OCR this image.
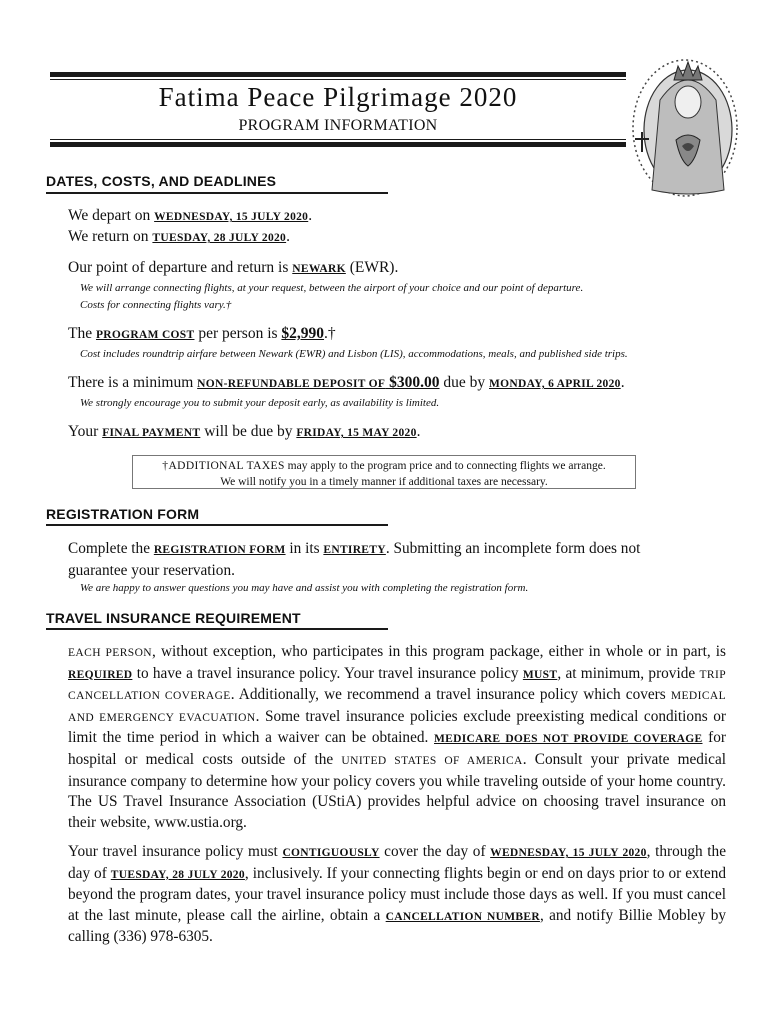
Fatima Peace Pilgrimage 2020
PROGRAM INFORMATION
DATES, COSTS, AND DEADLINES
We depart on WEDNESDAY, 15 JULY 2020.
We return on TUESDAY, 28 JULY 2020.
Our point of departure and return is NEWARK (EWR).
We will arrange connecting flights, at your request, between the airport of your choice and our point of departure.
Costs for connecting flights vary.†
The PROGRAM COST per person is $2,990.†
Cost includes roundtrip airfare between Newark (EWR) and Lisbon (LIS), accommodations, meals, and published side trips.
There is a minimum NON-REFUNDABLE DEPOSIT OF $300.00 due by MONDAY, 6 APRIL 2020.
We strongly encourage you to submit your deposit early, as availability is limited.
Your FINAL PAYMENT will be due by FRIDAY, 15 MAY 2020.
†ADDITIONAL TAXES may apply to the program price and to connecting flights we arrange.
We will notify you in a timely manner if additional taxes are necessary.
REGISTRATION FORM
Complete the REGISTRATION FORM in its ENTIRETY. Submitting an incomplete form does not
guarantee your reservation.
We are happy to answer questions you may have and assist you with completing the registration form.
TRAVEL INSURANCE REQUIREMENT
EACH PERSON, without exception, who participates in this program package, either in whole or in part, is REQUIRED to have a travel insurance policy. Your travel insurance policy MUST, at minimum, provide TRIP CANCELLATION COVERAGE. Additionally, we recommend a travel insurance policy which covers MEDICAL AND EMERGENCY EVACUATION. Some travel insurance policies exclude preexisting medical conditions or limit the time period in which a waiver can be obtained. MEDICARE DOES NOT PROVIDE COVERAGE for hospital or medical costs outside of the UNITED STATES OF AMERICA. Consult your private medical insurance company to determine how your policy covers you while traveling outside of your home country. The US Travel Insurance Association (UStiA) provides helpful advice on choosing travel insurance on their website, www.ustia.org.
Your travel insurance policy must CONTIGUOUSLY cover the day of WEDNESDAY, 15 JULY 2020, through the day of TUESDAY, 28 JULY 2020, inclusively. If your connecting flights begin or end on days prior to or extend beyond the program dates, your travel insurance policy must include those days as well. If you must cancel at the last minute, please call the airline, obtain a CANCELLATION NUMBER, and notify Billie Mobley by calling (336) 978-6305.
